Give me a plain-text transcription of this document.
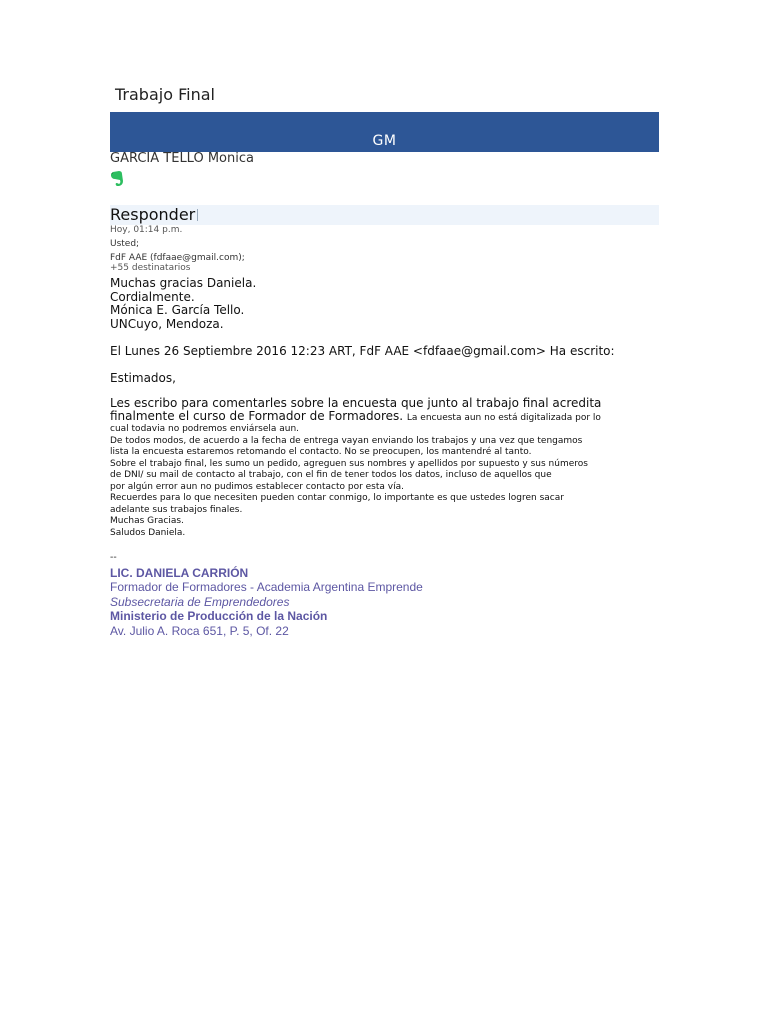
Trabajo Final
GM
GARCIA TELLO Monica
Responder
Hoy, 01:14 p.m.
Usted;
FdF AAE (fdfaae@gmail.com);
+55 destinatarios
Muchas gracias Daniela.
Cordialmente.
Mónica E. García Tello.
UNCuyo, Mendoza.
El Lunes 26 Septiembre 2016 12:23 ART, FdF AAE <fdfaae@gmail.com> Ha escrito:
Estimados,
Les escribo para comentarles sobre la encuesta que junto al trabajo final acredita
finalmente el curso de Formador de Formadores. La encuesta aun no está digitalizada por lo
cual todavia no podremos enviársela aun.
De todos modos, de acuerdo a la fecha de entrega vayan enviando los trabajos y una vez que tengamos
lista la encuesta estaremos retomando el contacto. No se preocupen, los mantendré al tanto.
Sobre el trabajo final, les sumo un pedido, agreguen sus nombres y apellidos por supuesto y sus números
de DNI/ su mail de contacto al trabajo, con el fin de tener todos los datos, incluso de aquellos que
por algún error aun no pudimos establecer contacto por esta vía.
Recuerdes para lo que necesiten pueden contar conmigo, lo importante es que ustedes logren sacar
adelante sus trabajos finales.
Muchas Gracias.
Saludos Daniela.
--
LIC. DANIELA CARRIÓN
Formador de Formadores - Academia Argentina Emprende
Subsecretaria de Emprendedores
Ministerio de Producción de la Nación
Av. Julio A. Roca 651, P. 5, Of. 22
